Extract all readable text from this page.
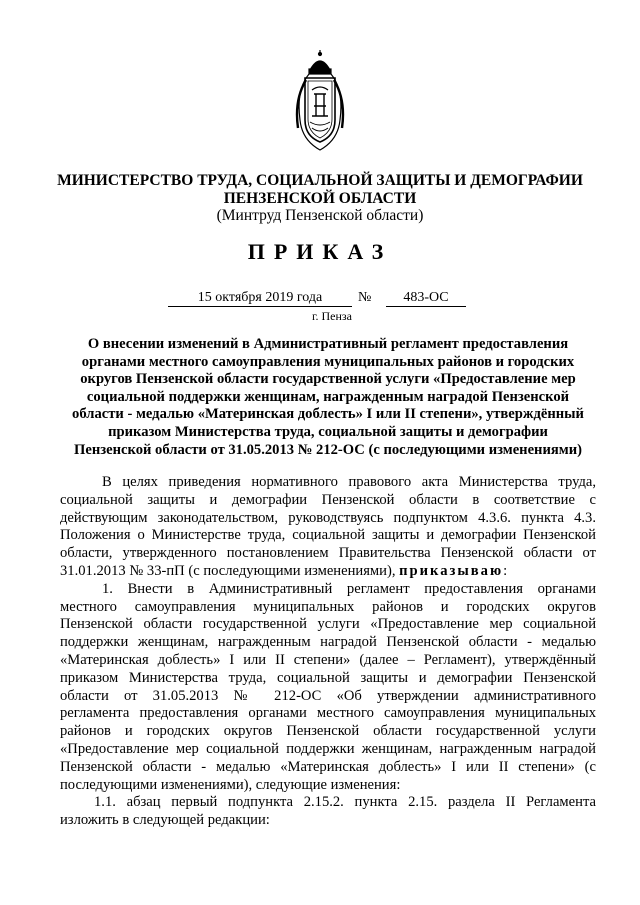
МИНИСТЕРСТВО ТРУДА, СОЦИАЛЬНОЙ ЗАЩИТЫ И ДЕМОГРАФИИ
ПЕНЗЕНСКОЙ ОБЛАСТИ
(Минтруд Пензенской области)
ПРИКАЗ
15 октября 2019 года	№	483-ОС
г. Пенза
О внесении изменений в Административный регламент предоставления
органами местного самоуправления муниципальных районов и городских
округов Пензенской области государственной услуги «Предоставление мер
социальной поддержки женщинам, награжденным наградой Пензенской
области - медалью «Материнская доблесть» I или II степени», утверждённый
приказом Министерства труда, социальной защиты и демографии
Пензенской области от 31.05.2013 № 212-ОС (с последующими изменениями)
В целях приведения нормативного правового акта Министерства труда,
социальной защиты и демографии Пензенской области в соответствие с
действующим законодательством, руководствуясь подпунктом 4.3.6. пункта 4.3.
Положения о Министерстве труда, социальной защиты и демографии Пензенской
области, утвержденного постановлением Правительства Пензенской области от
31.01.2013 № 33-пП (с последующими изменениями), приказываю:
1. Внести в Административный регламент предоставления органами
местного самоуправления муниципальных районов и городских округов
Пензенской области государственной услуги «Предоставление мер социальной
поддержки женщинам, награжденным наградой Пензенской области - медалью
«Материнская доблесть» I или II степени» (далее – Регламент), утверждённый
приказом Министерства труда, социальной защиты и демографии Пензенской
области от 31.05.2013 № 212-ОС «Об утверждении административного
регламента предоставления органами местного самоуправления муниципальных
районов и городских округов Пензенской области государственной услуги
«Предоставление мер социальной поддержки женщинам, награжденным наградой
Пензенской области - медалью «Материнская доблесть» I или II степени» (с
последующими изменениями), следующие изменения:
1.1. абзац первый подпункта 2.15.2. пункта 2.15. раздела II Регламента
изложить в следующей редакции:
